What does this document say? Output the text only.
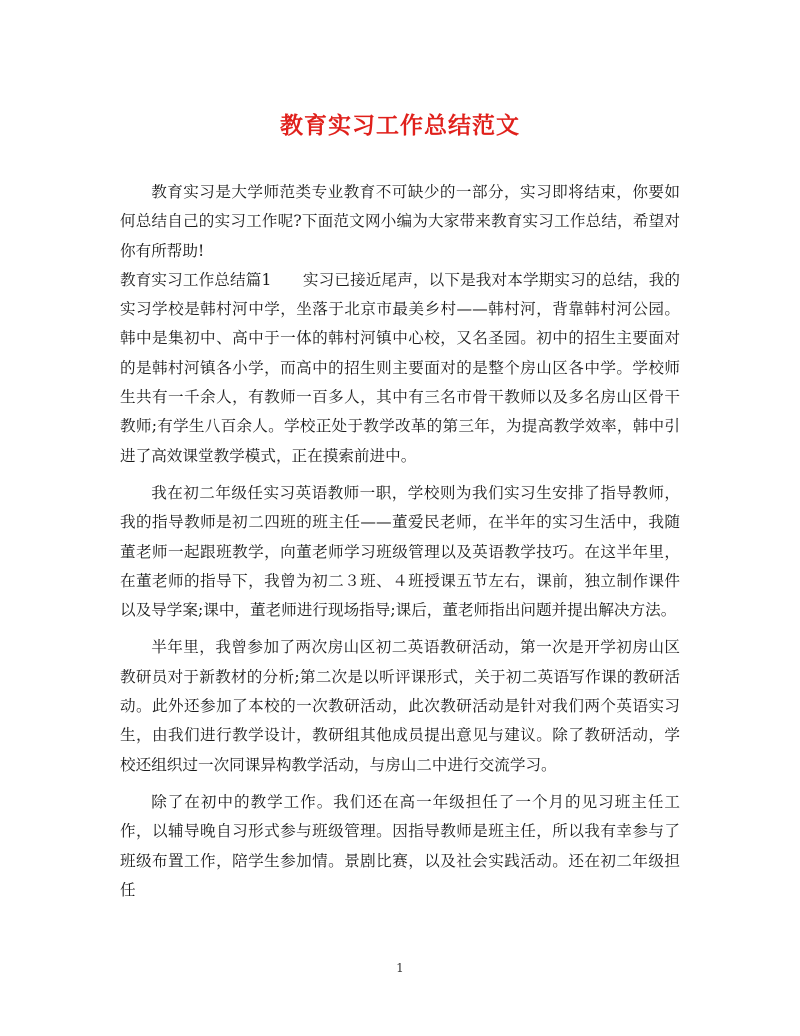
教育实习工作总结范文

教育实习是大学师范类专业教育不可缺少的一部分，实习即将结束，你要如何总结自己的实习工作呢?下面范文网小编为大家带来教育实习工作总结，希望对你有所帮助!

教育实习工作总结篇1　　实习已接近尾声，以下是我对本学期实习的总结，我的实习学校是韩村河中学，坐落于北京市最美乡村——韩村河，背靠韩村河公园。韩中是集初中、高中于一体的韩村河镇中心校，又名圣园。初中的招生主要面对的是韩村河镇各小学，而高中的招生则主要面对的是整个房山区各中学。学校师生共有一千余人，有教师一百多人，其中有三名市骨干教师以及多名房山区骨干教师;有学生八百余人。学校正处于教学改革的第三年，为提高教学效率，韩中引进了高效课堂教学模式，正在摸索前进中。

我在初二年级任实习英语教师一职，学校则为我们实习生安排了指导教师，我的指导教师是初二四班的班主任——董爱民老师，在半年的实习生活中，我随董老师一起跟班教学，向董老师学习班级管理以及英语教学技巧。在这半年里，在董老师的指导下，我曾为初二３班、４班授课五节左右，课前，独立制作课件以及导学案;课中，董老师进行现场指导;课后，董老师指出问题并提出解决方法。

半年里，我曾参加了两次房山区初二英语教研活动，第一次是开学初房山区教研员对于新教材的分析;第二次是以听评课形式，关于初二英语写作课的教研活动。此外还参加了本校的一次教研活动，此次教研活动是针对我们两个英语实习生，由我们进行教学设计，教研组其他成员提出意见与建议。除了教研活动，学校还组织过一次同课异构教学活动，与房山二中进行交流学习。

除了在初中的教学工作。我们还在高一年级担任了一个月的见习班主任工作，以辅导晚自习形式参与班级管理。因指导教师是班主任，所以我有幸参与了班级布置工作，陪学生参加情。景剧比赛，以及社会实践活动。还在初二年级担任

1
